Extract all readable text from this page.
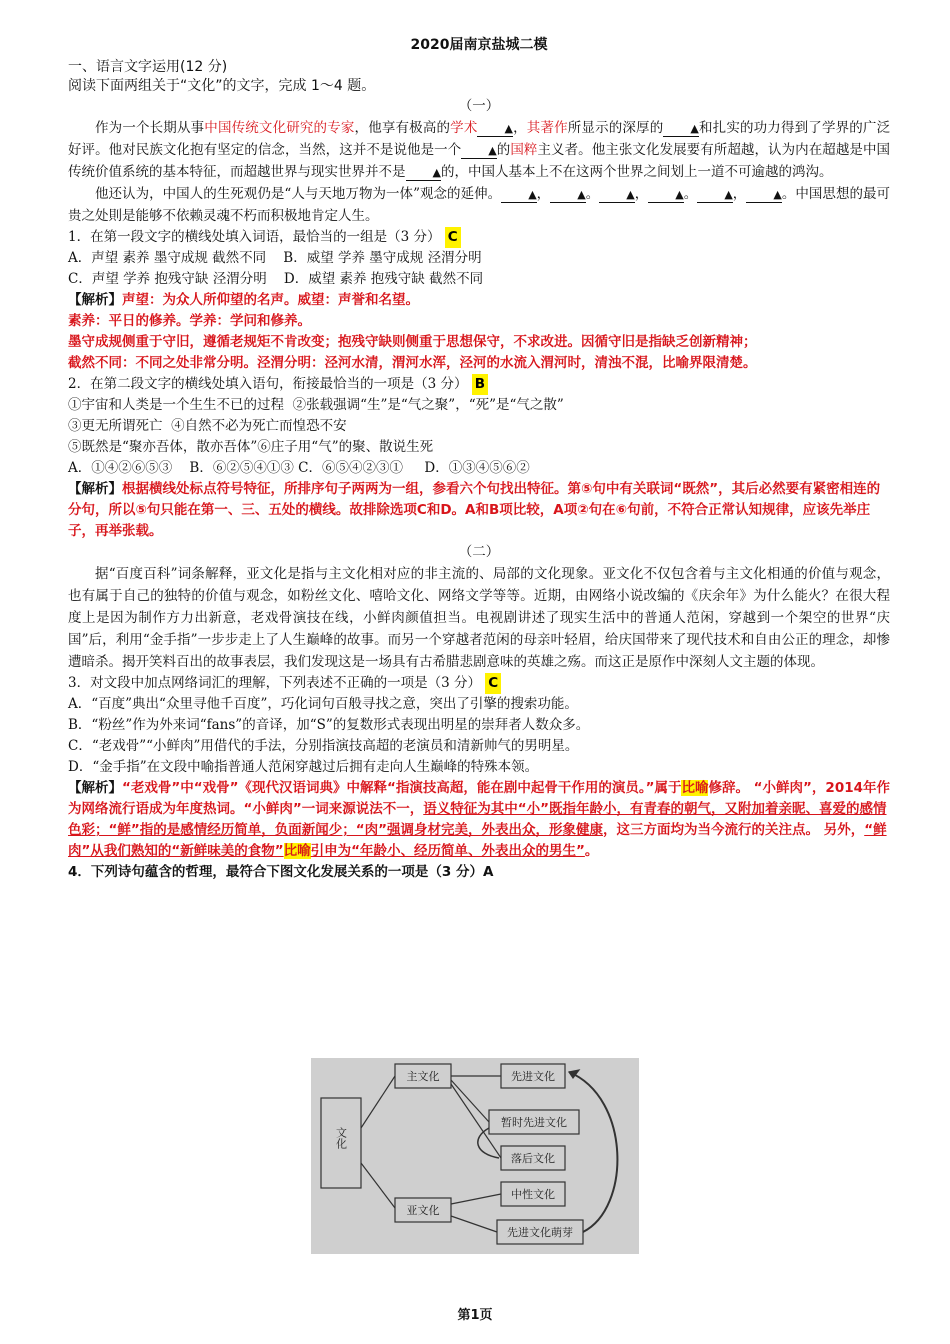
2020届南京盐城二模

一、语言文字运用(12 分)

阅读下面两组关于“文化”的文字，完成 1～4 题。

（一）

作为一个长期从事中国传统文化研究的专家，他享有极高的学术 ▲，其著作所显示的深厚的 ▲和扎实的功力得到了学界的广泛好评。他对民族文化抱有坚定的信念，当然，这并不是说他是一个 ▲的国粹主义者。他主张文化发展要有所超越，认为内在超越是中国传统价值系统的基本特征，而超越世界与现实世界并不是 ▲的，中国人基本上不在这两个世界之间划上一道不可逾越的鸿沟。

他还认为，中国人的生死观仍是“人与天地万物为一体”观念的延伸。 ▲， ▲。 ▲， ▲。 ▲， ▲。中国思想的最可贵之处則是能够不依赖灵魂不朽而积极地肯定人生。

1．在第一段文字的横线处填入词语，最恰当的一组是（3 分） C

A．声望 素养 墨守成规 截然不同    B．威望 学养 墨守成规 泾渭分明

C．声望 学养 抱残守缺 泾渭分明    D．威望 素养 抱残守缺 截然不同

【解析】声望：为众人所仰望的名声。威望：声誉和名望。

素养：平日的修养。学养：学问和修养。

墨守成规侧重于守旧，遵循老规矩不肯改变；抱残守缺则侧重于思想保守，不求改进。因循守旧是指缺乏创新精神；

截然不同：不同之处非常分明。泾渭分明：泾河水清，渭河水浑，泾河的水流入渭河时，清浊不混，比喻界限清楚。

2．在第二段文字的横线处填入语句，衔接最恰当的一项是（3 分） B

①宇宙和人类是一个生生不已的过程  ②张载强调“生”是“气之聚”，“死”是“气之散”

③更无所谓死亡  ④自然不必为死亡而惶恐不安

⑤既然是“聚亦吾体，散亦吾体”⑥庄子用“气”的聚、散说生死

A．①④②⑥⑤③    B．⑥②⑤④①③ C．⑥⑤④②③①     D．①③④⑤⑥②

【解析】根据横线处标点符号特征，所排序句子两两为一组，参看六个句找出特征。第⑤句中有关联词“既然”，其后必然要有紧密相连的分句，所以⑤句只能在第一、三、五处的横线。故排除选项C和D。A和B项比较，A项②句在⑥句前，不符合正常认知规律，应该先举庄子，再举张载。

（二）

据“百度百科”词条解释，亚文化是指与主文化相对应的非主流的、局部的文化现象。亚文化不仅包含着与主文化相通的价值与观念，也有属于自己的独特的价值与观念，如粉丝文化、嘻哈文化、网络文学等等。近期，由网络小说改编的《庆余年》为什么能火？在很大程度上是因为制作方力出新意，老戏骨演技在线，小鲜肉颜值担当。电视剧讲述了现实生活中的普通人范闲，穿越到一个架空的世界“庆国”后，利用“金手指”一步步走上了人生巅峰的故事。而另一个穿越者范闲的母亲叶轻眉，给庆国带来了现代技术和自由公正的理念，却惨遭暗杀。揭开笑料百出的故事表层，我们发现这是一场具有古希腊悲剧意味的英雄之殇。而这正是原作中深刻人文主题的体现。

3．对文段中加点网络词汇的理解，下列表述不正确的一项是（3 分） C

A．“百度”典出“众里寻他千百度”，巧化词句百般寻找之意，突出了引擎的搜索功能。

B．“粉丝”作为外来词“fans”的音译，加“S”的复数形式表现出明星的崇拜者人数众多。

C．“老戏骨”“小鲜肉”用借代的手法，分别指演技高超的老演员和清新帅气的男明星。

D．“金手指”在文段中喻指普通人范闲穿越过后拥有走向人生巅峰的特殊本领。

【解析】“老戏骨”中“戏骨”《现代汉语词典》中解释“指演技高超，能在剧中起骨干作用的演员。”属于比喻修辞。 “小鲜肉”，2014年作为网络流行语成为年度热词。“小鲜肉”一词来源说法不一，语义特征为其中“小”既指年龄小，有青春的朝气，又附加着亲昵、喜爱的感情色彩；“鲜”指的是感情经历简单，负面新闻少；“肉”强调身材完美，外表出众，形象健康，这三方面均为当今流行的关注点。 另外，“鲜肉”从我们熟知的“新鲜味美的食物”比喻引申为“年龄小、经历简单、外表出众的男生”。

4．下列诗句蕴含的哲理，最符合下图文化发展关系的一项是（3 分）A

文化
主文化
亚文化
先进文化
暂时先进文化
落后文化
中性文化
先进文化萌芽
第1页
